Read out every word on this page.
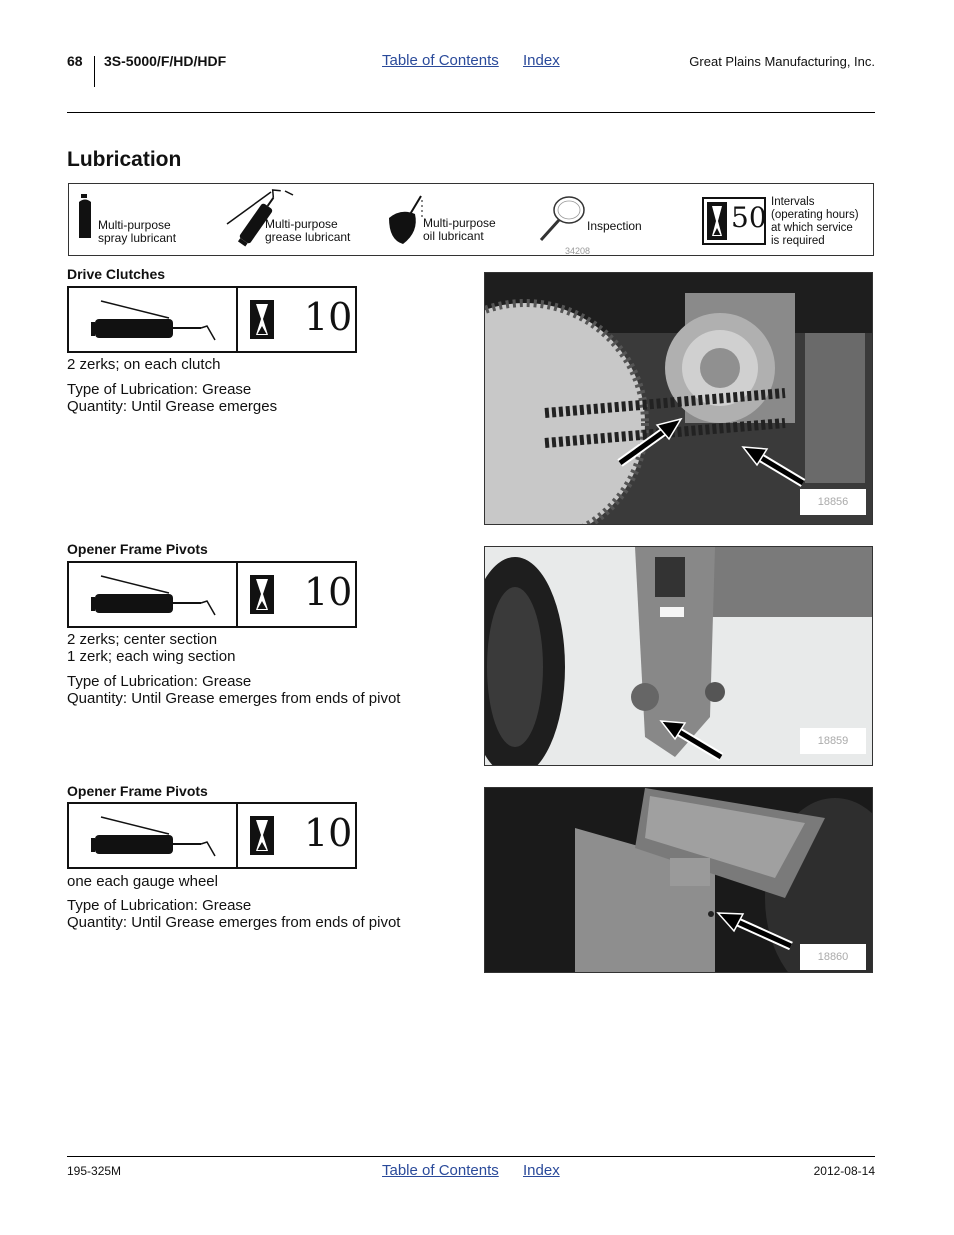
68 3S-5000/F/HD/HDF	Table of Contents Index	Great Plains Manufacturing, Inc.
Lubrication
Multi-purpose
spray lubricant
Multi-purpose
grease lubricant
Multi-purpose
oil lubricant
Inspection
34208
50 Intervals
(operating hours)
at which service
is required
Drive Clutches
10
2 zerks; on each clutch
Type of Lubrication: Grease
Quantity: Until Grease emerges
18856
Opener Frame Pivots
10
2 zerks; center section
1 zerk; each wing section
Type of Lubrication: Grease
Quantity: Until Grease emerges from ends of pivot
18859
Opener Frame Pivots
10
one each gauge wheel
Type of Lubrication: Grease
Quantity: Until Grease emerges from ends of pivot
18860
195-325M	Table of Contents Index	2012-08-14
